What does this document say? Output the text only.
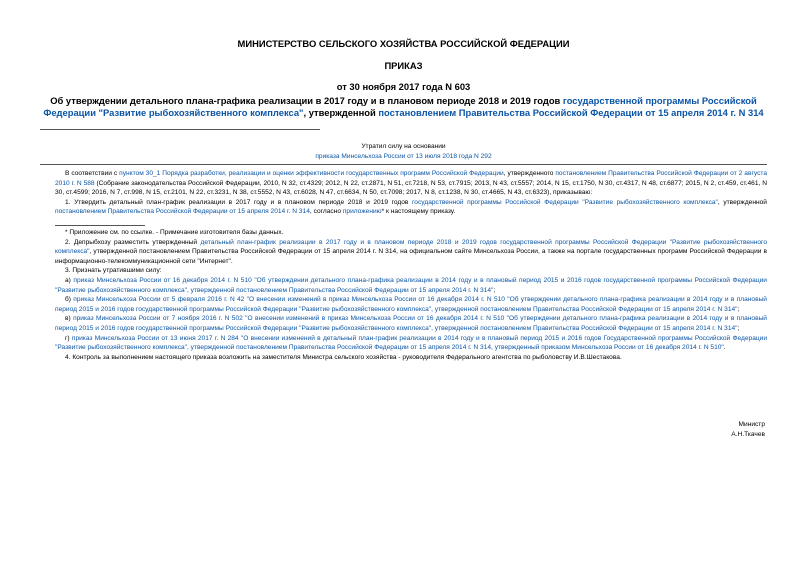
МИНИСТЕРСТВО СЕЛЬСКОГО ХОЗЯЙСТВА РОССИЙСКОЙ ФЕДЕРАЦИИ
ПРИКАЗ
от 30 ноября 2017 года N 603
Об утверждении детального плана-графика реализации в 2017 году и в плановом периоде 2018 и 2019 годов государственной программы Российской Федерации "Развитие рыбохозяйственного комплекса", утвержденной постановлением Правительства Российской Федерации от 15 апреля 2014 г. N 314
Утратил силу на основании
приказа Минсельхоза России от 13 июля 2018 года N 292

В соответствии с пунктом 30_1 Порядка разработки, реализации и оценки эффективности государственных программ Российской Федерации, утвержденного постановлением Правительства Российской Федерации от 2 августа 2010 г. N 588 (Собрание законодательства Российской Федерации, 2010, N 32, ст.4329; 2012, N 22, ст.2871, N 51, ст.7218, N 53, ст.7915; 2013, N 43, ст.5557; 2014, N 15, ст.1750, N 30, ст.4317, N 48, ст.6877; 2015, N 2, ст.459, ст.461, N 30, ст.4599; 2016, N 7, ст.998, N 15, ст.2101, N 22, ст.3231, N 38, ст.5552, N 43, ст.6028, N 47, ст.6634, N 50, ст.7098; 2017, N 8, ст.1238, N 30, ст.4665, N 43, ст.6323), приказываю:

1. Утвердить детальный план-график реализации в 2017 году и в плановом периоде 2018 и 2019 годов государственной программы Российской Федерации "Развитие рыбохозяйственного комплекса", утвержденной постановлением Правительства Российской Федерации от 15 апреля 2014 г. N 314, согласно приложению* к настоящему приказу.

* Приложение см. по ссылке. - Примечание изготовителя базы данных.

2. Депрыбхозу разместить утвержденный детальный план-график реализации в 2017 году и в плановом периоде 2018 и 2019 годов государственной программы Российской Федерации "Развитие рыбохозяйственного комплекса", утвержденной постановлением Правительства Российской Федерации от 15 апреля 2014 г. N 314, на официальном сайте Минсельхоза России, а также на портале государственных программ Российской Федерации в информационно-телекоммуникационной сети "Интернет".

3. Признать утратившими силу:

а) приказ Минсельхоза России от 16 декабря 2014 г. N 510 "Об утверждении детального плана-графика реализации в 2014 году и в плановый период 2015 и 2016 годов государственной программы Российской Федерации "Развитие рыбохозяйственного комплекса", утвержденной постановлением Правительства Российской Федерации от 15 апреля 2014 г. N 314";

б) приказ Минсельхоза России от 5 февраля 2016 г. N 42 "О внесении изменений в приказ Минсельхоза России от 16 декабря 2014 г. N 510 "Об утверждении детального плана-графика реализации в 2014 году и в плановый период 2015 и 2016 годов государственной программы Российской Федерации "Развитие рыбохозяйственного комплекса", утвержденной постановлением Правительства Российской Федерации от 15 апреля 2014 г. N 314";

в) приказ Минсельхоза России от 7 ноября 2016 г. N 502 "О внесении изменений в приказ Минсельхоза России от 16 декабря 2014 г. N 510 "Об утверждении детального плана-графика реализации в 2014 году и в плановый период 2015 и 2016 годов государственной программы Российской Федерации "Развитие рыбохозяйственного комплекса", утвержденной постановлением Правительства Российской Федерации от 15 апреля 2014 г. N 314";

г) приказ Минсельхоза России от 13 июня 2017 г. N 284 "О внесении изменений в детальный план-график реализации в 2014 году и в плановый период 2015 и 2016 годов Государственной программы Российской Федерации "Развитие рыбохозяйственного комплекса", утвержденной постановлением Правительства Российской Федерации от 15 апреля 2014 г. N 314, утвержденный приказом Минсельхоза России от 16 декабря 2014 г. N 510".

4. Контроль за выполнением настоящего приказа возложить на заместителя Министра сельского хозяйства - руководителя Федерального агентства по рыболовству И.В.Шестакова.

Министр
А.Н.Ткачев
